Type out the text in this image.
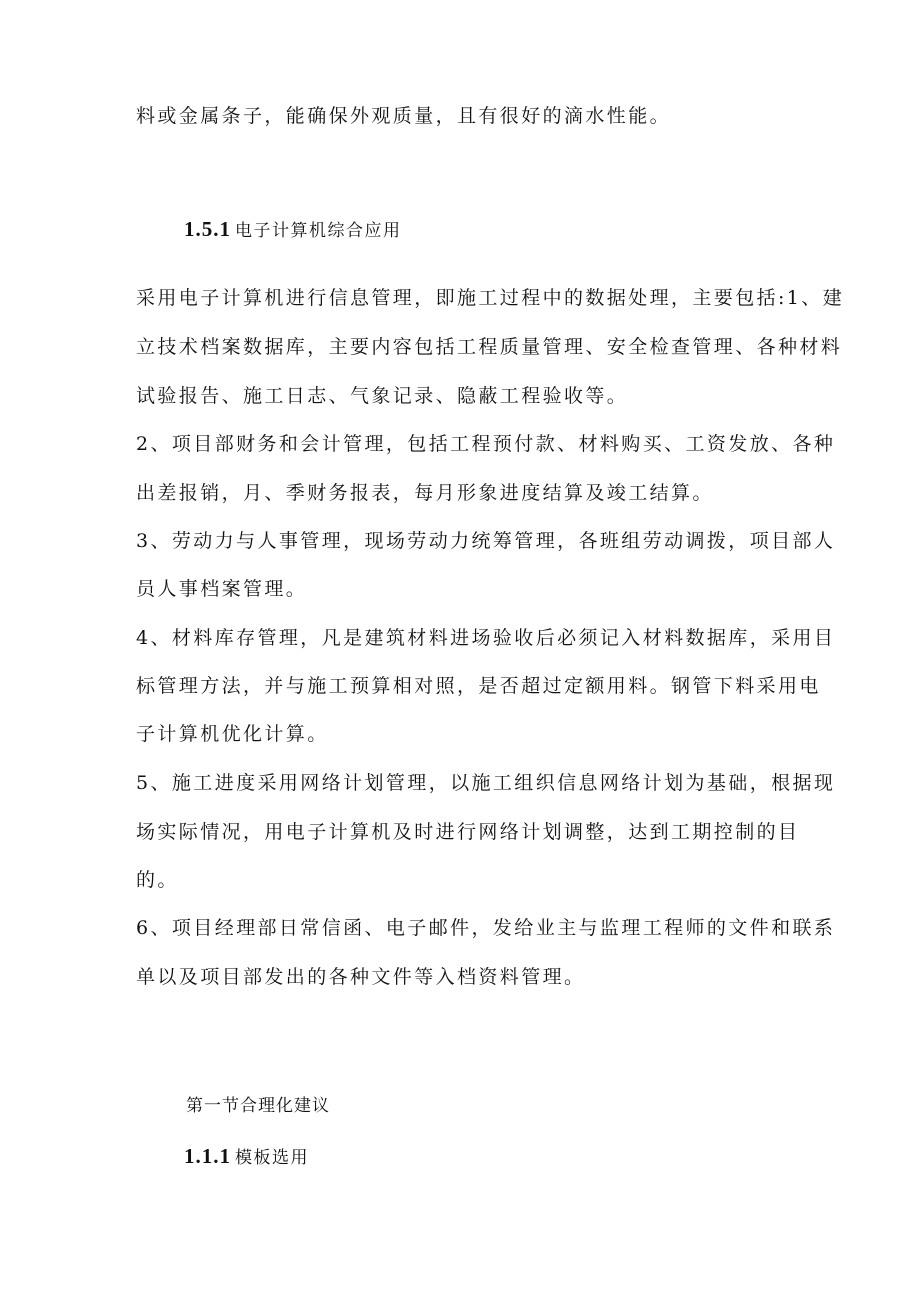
料或金属条子，能确保外观质量，且有很好的滴水性能。

1.5.1 电子计算机综合应用

采用电子计算机进行信息管理，即施工过程中的数据处理，主要包括:1、建

立技术档案数据库，主要内容包括工程质量管理、安全检查管理、各种材料

试验报告、施工日志、气象记录、隐蔽工程验收等。

2、项目部财务和会计管理，包括工程预付款、材料购买、工资发放、各种

出差报销，月、季财务报表，每月形象进度结算及竣工结算。

3、劳动力与人事管理，现场劳动力统筹管理，各班组劳动调拨，项目部人

员人事档案管理。

4、材料库存管理，凡是建筑材料进场验收后必须记入材料数据库，采用目

标管理方法，并与施工预算相对照，是否超过定额用料。钢管下料采用电

子计算机优化计算。

5、施工进度采用网络计划管理，以施工组织信息网络计划为基础，根据现

场实际情况，用电子计算机及时进行网络计划调整，达到工期控制的目

的。

6、项目经理部日常信函、电子邮件，发给业主与监理工程师的文件和联系

单以及项目部发出的各种文件等入档资料管理。

第一节合理化建议

1.1.1 模板选用
